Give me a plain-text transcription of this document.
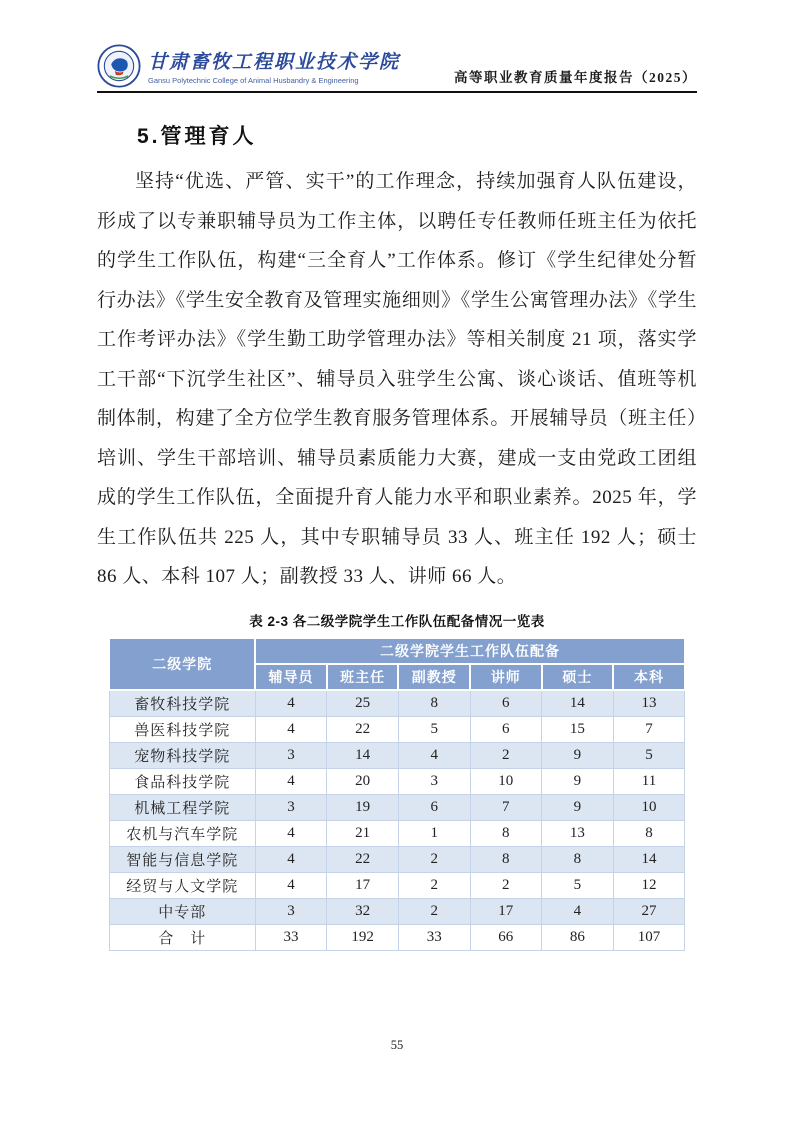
甘肃畜牧工程职业技术学院
Gansu Polytechnic College of Animal Husbandry & Engineering	高等职业教育质量年度报告（2025）
5.管理育人
坚持“优选、严管、实干”的工作理念，持续加强育人队伍建设，形成了以专兼职辅导员为工作主体，以聘任专任教师任班主任为依托的学生工作队伍，构建“三全育人”工作体系。修订《学生纪律处分暂行办法》《学生安全教育及管理实施细则》《学生公寓管理办法》《学生工作考评办法》《学生勤工助学管理办法》等相关制度 21 项，落实学工干部“下沉学生社区”、辅导员入驻学生公寓、谈心谈话、值班等机制体制，构建了全方位学生教育服务管理体系。开展辅导员（班主任）培训、学生干部培训、辅导员素质能力大赛，建成一支由党政工团组成的学生工作队伍，全面提升育人能力水平和职业素养。2025 年，学生工作队伍共 225 人，其中专职辅导员 33 人、班主任 192 人；硕士 86 人、本科 107 人；副教授 33 人、讲师 66 人。
表 2-3 各二级学院学生工作队伍配备情况一览表
二级学院	二级学院学生工作队伍配备					
	辅导员	班主任	副教授	讲师	硕士	本科
畜牧科技学院	4	25	8	6	14	13
兽医科技学院	4	22	5	6	15	7
宠物科技学院	3	14	4	2	9	5
食品科技学院	4	20	3	10	9	11
机械工程学院	3	19	6	7	9	10
农机与汽车学院	4	21	1	8	13	8
智能与信息学院	4	22	2	8	8	14
经贸与人文学院	4	17	2	2	5	12
中专部	3	32	2	17	4	27
合　计	33	192	33	66	86	107
55
